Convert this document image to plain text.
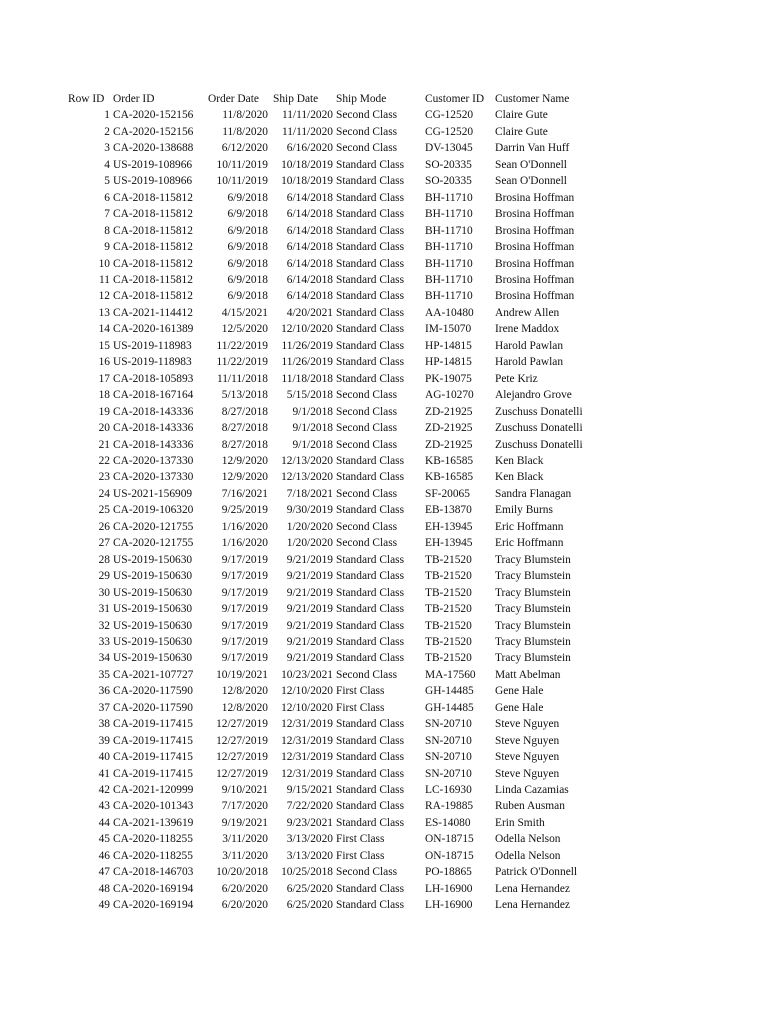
Row ID	Order ID	Order Date	Ship Date	Ship Mode	Customer ID	Customer Name
1	CA-2020-152156	11/8/2020	11/11/2020	Second Class	CG-12520	Claire Gute
2	CA-2020-152156	11/8/2020	11/11/2020	Second Class	CG-12520	Claire Gute
3	CA-2020-138688	6/12/2020	6/16/2020	Second Class	DV-13045	Darrin Van Huff
4	US-2019-108966	10/11/2019	10/18/2019	Standard Class	SO-20335	Sean O'Donnell
5	US-2019-108966	10/11/2019	10/18/2019	Standard Class	SO-20335	Sean O'Donnell
6	CA-2018-115812	6/9/2018	6/14/2018	Standard Class	BH-11710	Brosina Hoffman
7	CA-2018-115812	6/9/2018	6/14/2018	Standard Class	BH-11710	Brosina Hoffman
8	CA-2018-115812	6/9/2018	6/14/2018	Standard Class	BH-11710	Brosina Hoffman
9	CA-2018-115812	6/9/2018	6/14/2018	Standard Class	BH-11710	Brosina Hoffman
10	CA-2018-115812	6/9/2018	6/14/2018	Standard Class	BH-11710	Brosina Hoffman
11	CA-2018-115812	6/9/2018	6/14/2018	Standard Class	BH-11710	Brosina Hoffman
12	CA-2018-115812	6/9/2018	6/14/2018	Standard Class	BH-11710	Brosina Hoffman
13	CA-2021-114412	4/15/2021	4/20/2021	Standard Class	AA-10480	Andrew Allen
14	CA-2020-161389	12/5/2020	12/10/2020	Standard Class	IM-15070	Irene Maddox
15	US-2019-118983	11/22/2019	11/26/2019	Standard Class	HP-14815	Harold Pawlan
16	US-2019-118983	11/22/2019	11/26/2019	Standard Class	HP-14815	Harold Pawlan
17	CA-2018-105893	11/11/2018	11/18/2018	Standard Class	PK-19075	Pete Kriz
18	CA-2018-167164	5/13/2018	5/15/2018	Second Class	AG-10270	Alejandro Grove
19	CA-2018-143336	8/27/2018	9/1/2018	Second Class	ZD-21925	Zuschuss Donatelli
20	CA-2018-143336	8/27/2018	9/1/2018	Second Class	ZD-21925	Zuschuss Donatelli
21	CA-2018-143336	8/27/2018	9/1/2018	Second Class	ZD-21925	Zuschuss Donatelli
22	CA-2020-137330	12/9/2020	12/13/2020	Standard Class	KB-16585	Ken Black
23	CA-2020-137330	12/9/2020	12/13/2020	Standard Class	KB-16585	Ken Black
24	US-2021-156909	7/16/2021	7/18/2021	Second Class	SF-20065	Sandra Flanagan
25	CA-2019-106320	9/25/2019	9/30/2019	Standard Class	EB-13870	Emily Burns
26	CA-2020-121755	1/16/2020	1/20/2020	Second Class	EH-13945	Eric Hoffmann
27	CA-2020-121755	1/16/2020	1/20/2020	Second Class	EH-13945	Eric Hoffmann
28	US-2019-150630	9/17/2019	9/21/2019	Standard Class	TB-21520	Tracy Blumstein
29	US-2019-150630	9/17/2019	9/21/2019	Standard Class	TB-21520	Tracy Blumstein
30	US-2019-150630	9/17/2019	9/21/2019	Standard Class	TB-21520	Tracy Blumstein
31	US-2019-150630	9/17/2019	9/21/2019	Standard Class	TB-21520	Tracy Blumstein
32	US-2019-150630	9/17/2019	9/21/2019	Standard Class	TB-21520	Tracy Blumstein
33	US-2019-150630	9/17/2019	9/21/2019	Standard Class	TB-21520	Tracy Blumstein
34	US-2019-150630	9/17/2019	9/21/2019	Standard Class	TB-21520	Tracy Blumstein
35	CA-2021-107727	10/19/2021	10/23/2021	Second Class	MA-17560	Matt Abelman
36	CA-2020-117590	12/8/2020	12/10/2020	First Class	GH-14485	Gene Hale
37	CA-2020-117590	12/8/2020	12/10/2020	First Class	GH-14485	Gene Hale
38	CA-2019-117415	12/27/2019	12/31/2019	Standard Class	SN-20710	Steve Nguyen
39	CA-2019-117415	12/27/2019	12/31/2019	Standard Class	SN-20710	Steve Nguyen
40	CA-2019-117415	12/27/2019	12/31/2019	Standard Class	SN-20710	Steve Nguyen
41	CA-2019-117415	12/27/2019	12/31/2019	Standard Class	SN-20710	Steve Nguyen
42	CA-2021-120999	9/10/2021	9/15/2021	Standard Class	LC-16930	Linda Cazamias
43	CA-2020-101343	7/17/2020	7/22/2020	Standard Class	RA-19885	Ruben Ausman
44	CA-2021-139619	9/19/2021	9/23/2021	Standard Class	ES-14080	Erin Smith
45	CA-2020-118255	3/11/2020	3/13/2020	First Class	ON-18715	Odella Nelson
46	CA-2020-118255	3/11/2020	3/13/2020	First Class	ON-18715	Odella Nelson
47	CA-2018-146703	10/20/2018	10/25/2018	Second Class	PO-18865	Patrick O'Donnell
48	CA-2020-169194	6/20/2020	6/25/2020	Standard Class	LH-16900	Lena Hernandez
49	CA-2020-169194	6/20/2020	6/25/2020	Standard Class	LH-16900	Lena Hernandez
